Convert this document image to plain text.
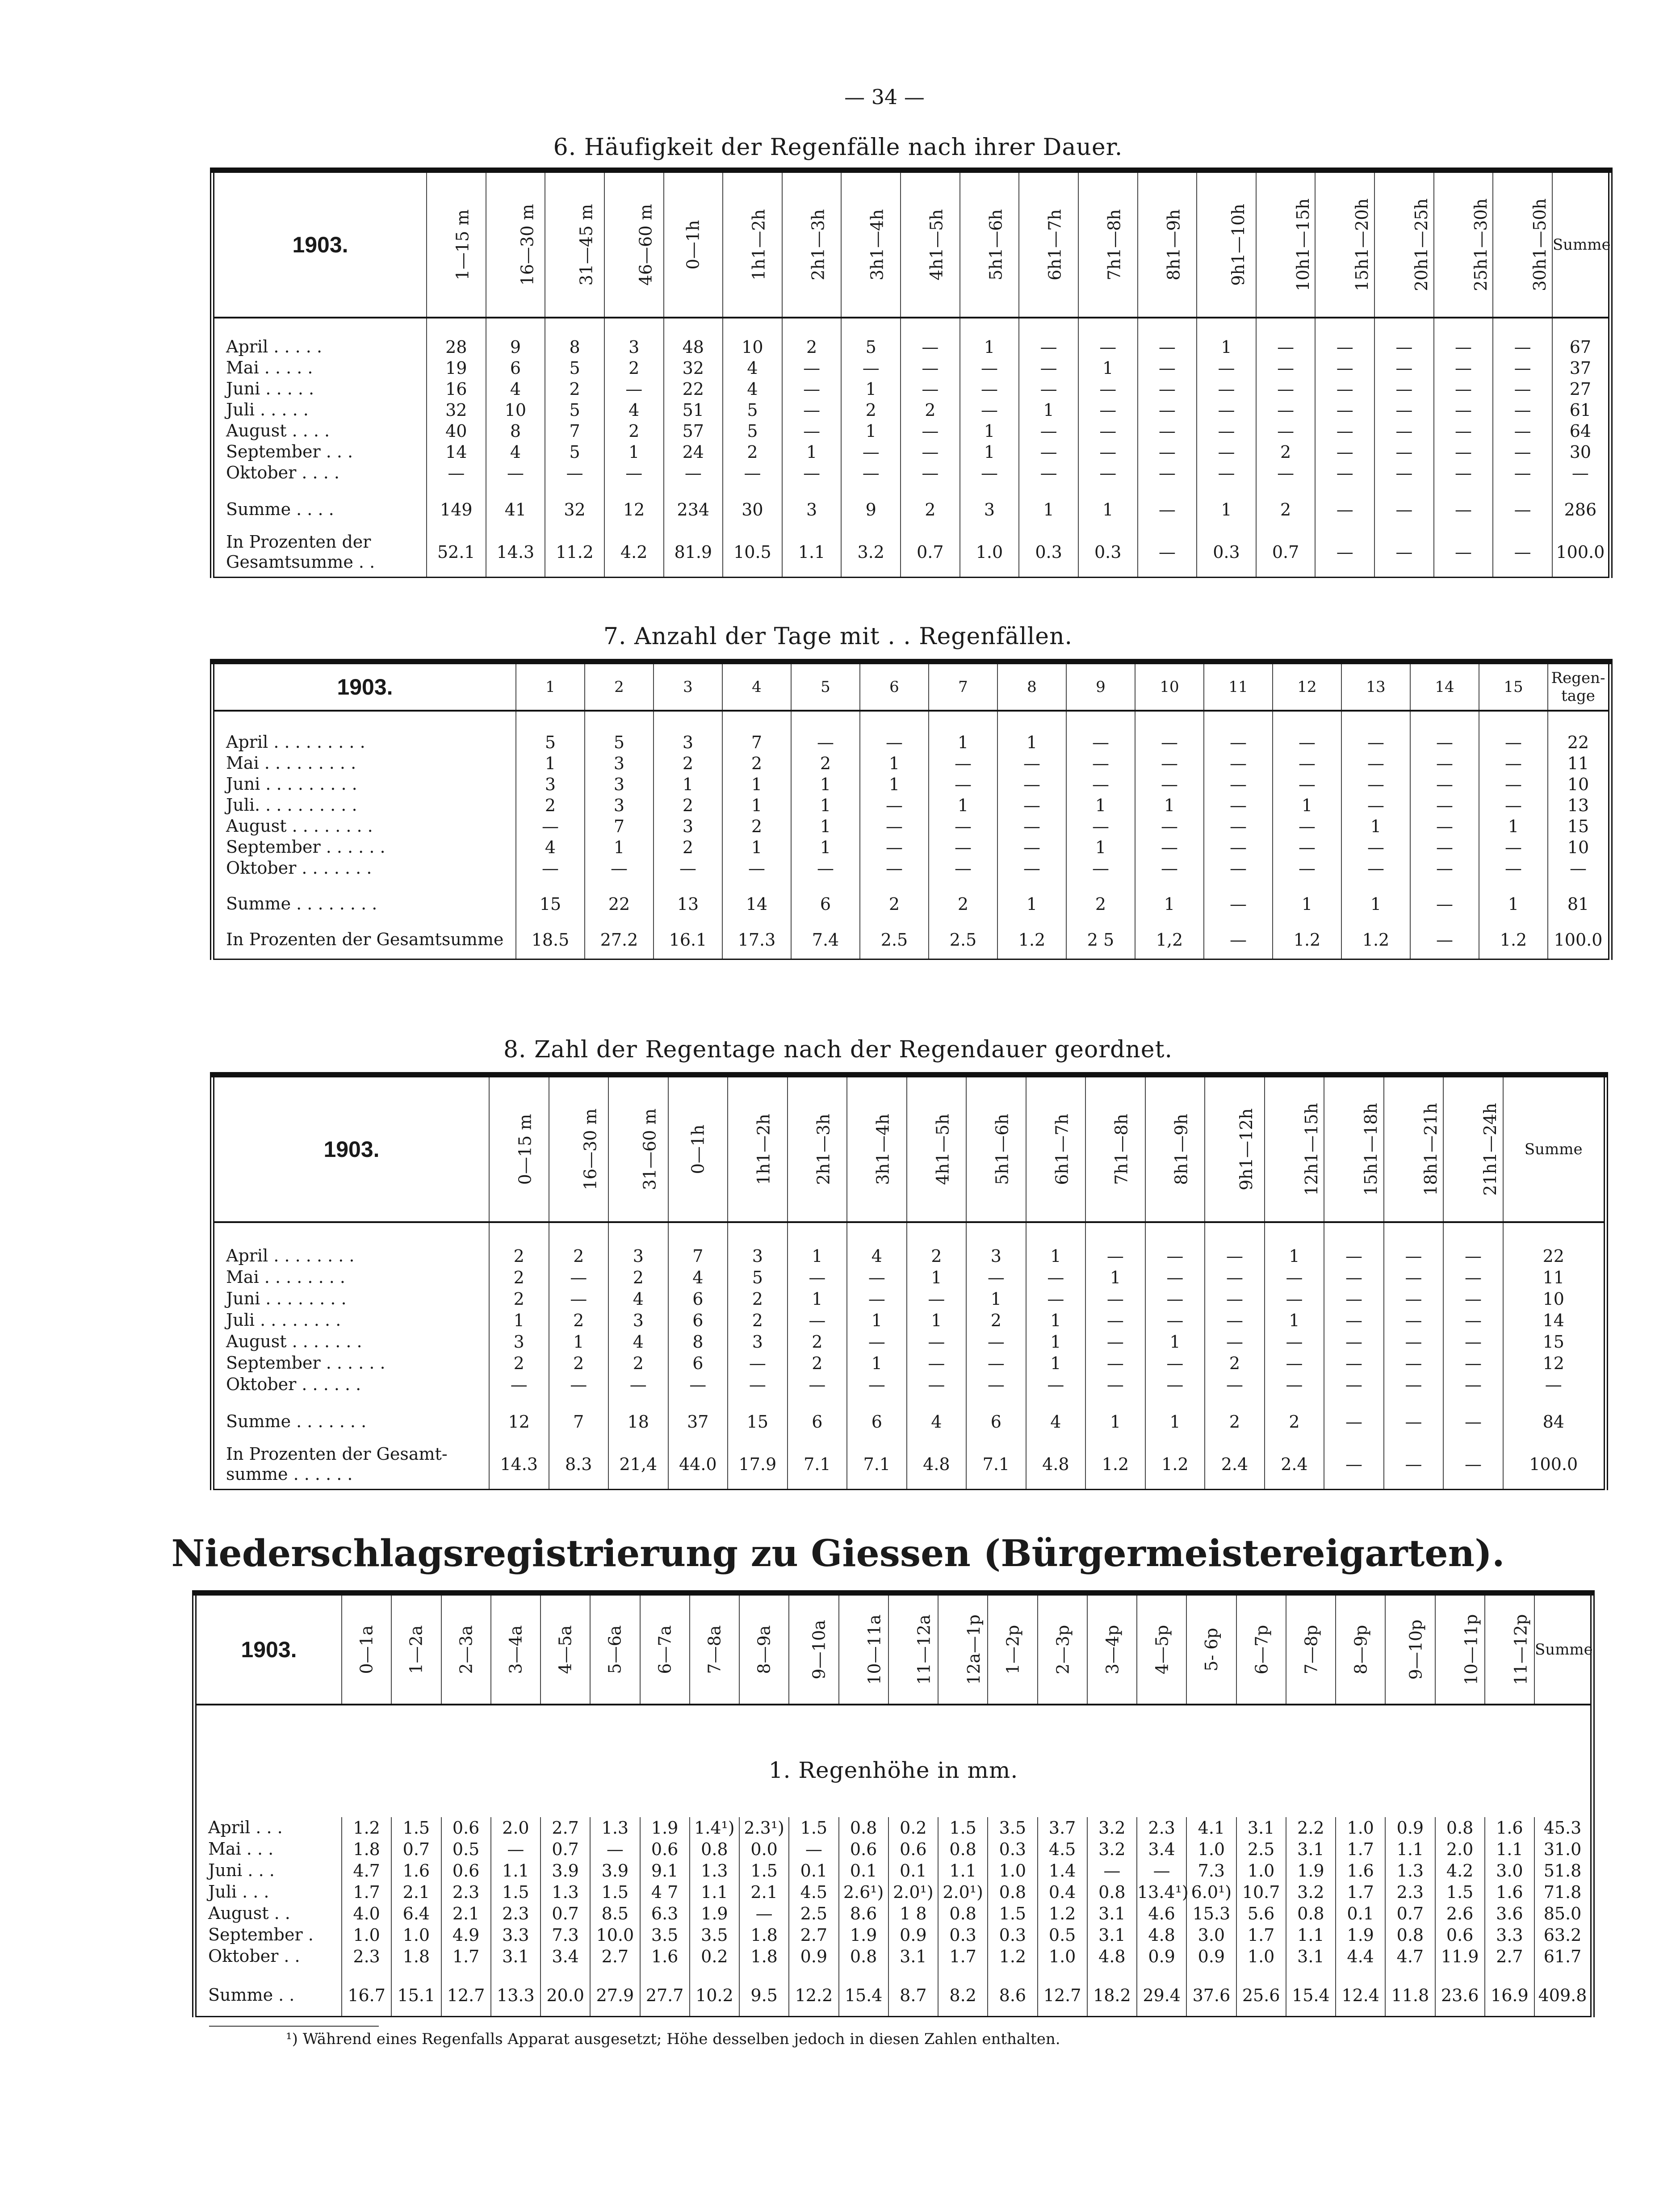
— 34 —
6. Häufigkeit der Regenfälle nach ihrer Dauer.
1903.	1—15 m	16—30 m	31—45 m	46—60 m	0—1h	1h1—2h	2h1—3h	3h1—4h	4h1—5h	5h1—6h	6h1—7h	7h1—8h	8h1—9h	9h1—10h	10h1—15h	15h1—20h	20h1—25h	25h1—30h	30h1—50h	Summe

April . . . . .	28	9	8	3	48	10	2	5	—	1	—	—	—	1	—	—	—	—	—	67
Mai . . . . .	19	6	5	2	32	4	—	—	—	—	—	1	—	—	—	—	—	—	—	37
Juni . . . . .	16	4	2	—	22	4	—	1	—	—	—	—	—	—	—	—	—	—	—	27
Juli . . . . .	32	10	5	4	51	5	—	2	2	—	1	—	—	—	—	—	—	—	—	61
August . . . .	40	8	7	2	57	5	—	1	—	1	—	—	—	—	—	—	—	—	—	64
September . . .	14	4	5	1	24	2	1	—	—	1	—	—	—	—	2	—	—	—	—	30
Oktober . . . .	—	—	—	—	—	—	—	—	—	—	—	—	—	—	—	—	—	—	—	—
Summe . . . .	149	41	32	12	234	30	3	9	2	3	1	1	—	1	2	—	—	—	—	286
In Prozenten der Gesamtsumme . .	52.1	14.3	11.2	4.2	81.9	10.5	1.1	3.2	0.7	1.0	0.3	0.3	—	0.3	0.7	—	—	—	—	100.0
7. Anzahl der Tage mit . . Regenfällen.
1903.	1	2	3	4	5	6	7	8	9	10	11	12	13	14	15	Regen-tage

April . . . . . . . . .	5	5	3	7	—	—	1	1	—	—	—	—	—	—	—	22
Mai . . . . . . . . .	1	3	2	2	2	1	—	—	—	—	—	—	—	—	—	11
Juni . . . . . . . . .	3	3	1	1	1	1	—	—	—	—	—	—	—	—	—	10
Juli. . . . . . . . . .	2	3	2	1	1	—	1	—	1	1	—	1	—	—	—	13
August . . . . . . . .	—	7	3	2	1	—	—	—	—	—	—	—	1	—	1	15
September . . . . . .	4	1	2	1	1	—	—	—	1	—	—	—	—	—	—	10
Oktober . . . . . . .	—	—	—	—	—	—	—	—	—	—	—	—	—	—	—	—
Summe . . . . . . . .	15	22	13	14	6	2	2	1	2	1	—	1	1	—	1	81
In Prozenten der Gesamtsumme	18.5	27.2	16.1	17.3	7.4	2.5	2.5	1.2	2 5	1,2	—	1.2	1.2	—	1.2	100.0
8. Zahl der Regentage nach der Regendauer geordnet.
1903.	0—15 m	16—30 m	31—60 m	0—1h	1h1—2h	2h1—3h	3h1—4h	4h1—5h	5h1—6h	6h1—7h	7h1—8h	8h1—9h	9h1—12h	12h1—15h	15h1—18h	18h1—21h	21h1—24h	Summe

April . . . . . . . .	2	2	3	7	3	1	4	2	3	1	—	—	—	1	—	—	—	22
Mai . . . . . . . .	2	—	2	4	5	—	—	1	—	—	1	—	—	—	—	—	—	11
Juni . . . . . . . .	2	—	4	6	2	1	—	—	1	—	—	—	—	—	—	—	—	10
Juli . . . . . . . .	1	2	3	6	2	—	1	1	2	1	—	—	—	1	—	—	—	14
August . . . . . . .	3	1	4	8	3	2	—	—	—	1	—	1	—	—	—	—	—	15
September . . . . . .	2	2	2	6	—	2	1	—	—	1	—	—	2	—	—	—	—	12
Oktober . . . . . .	—	—	—	—	—	—	—	—	—	—	—	—	—	—	—	—	—	—
Summe . . . . . . .	12	7	18	37	15	6	6	4	6	4	1	1	2	2	—	—	—	84
In Prozenten der Gesamt-summe . . . . . .	14.3	8.3	21,4	44.0	17.9	7.1	7.1	4.8	7.1	4.8	1.2	1.2	2.4	2.4	—	—	—	100.0
Niederschlagsregistrierung zu Giessen (Bürgermeistereigarten).
1903.	0—1a	1—2a	2—3a	3—4a	4—5a	5—6a	6—7a	7—8a	8—9a	9—10a	10—11a	11—12a	12a—1p	1—2p	2—3p	3—4p	4—5p	5- 6p	6—7p	7—8p	8—9p	9—10p	10—11p	11—12p	Summe
1. Regenhöhe in mm.																									
April . . .	1.2	1.5	0.6	2.0	2.7	1.3	1.9	1.4¹)	2.3¹)	1.5	0.8	0.2	1.5	3.5	3.7	3.2	2.3	4.1	3.1	2.2	1.0	0.9	0.8	1.6	45.3
Mai . . .	1.8	0.7	0.5	—	0.7	—	0.6	0.8	0.0	—	0.6	0.6	0.8	0.3	4.5	3.2	3.4	1.0	2.5	3.1	1.7	1.1	2.0	1.1	31.0
Juni . . .	4.7	1.6	0.6	1.1	3.9	3.9	9.1	1.3	1.5	0.1	0.1	0.1	1.1	1.0	1.4	—	—	7.3	1.0	1.9	1.6	1.3	4.2	3.0	51.8
Juli . . .	1.7	2.1	2.3	1.5	1.3	1.5	4 7	1.1	2.1	4.5	2.6¹)	2.0¹)	2.0¹)	0.8	0.4	0.8	13.4¹)	6.0¹)	10.7	3.2	1.7	2.3	1.5	1.6	71.8
August . .	4.0	6.4	2.1	2.3	0.7	8.5	6.3	1.9	—	2.5	8.6	1 8	0.8	1.5	1.2	3.1	4.6	15.3	5.6	0.8	0.1	0.7	2.6	3.6	85.0
September .	1.0	1.0	4.9	3.3	7.3	10.0	3.5	3.5	1.8	2.7	1.9	0.9	0.3	0.3	0.5	3.1	4.8	3.0	1.7	1.1	1.9	0.8	0.6	3.3	63.2
Oktober . .	2.3	1.8	1.7	3.1	3.4	2.7	1.6	0.2	1.8	0.9	0.8	3.1	1.7	1.2	1.0	4.8	0.9	0.9	1.0	3.1	4.4	4.7	11.9	2.7	61.7
Summe . .	16.7	15.1	12.7	13.3	20.0	27.9	27.7	10.2	9.5	12.2	15.4	8.7	8.2	8.6	12.7	18.2	29.4	37.6	25.6	15.4	12.4	11.8	23.6	16.9	409.8
¹) Während eines Regenfalls Apparat ausgesetzt; Höhe desselben jedoch in diesen Zahlen enthalten.
